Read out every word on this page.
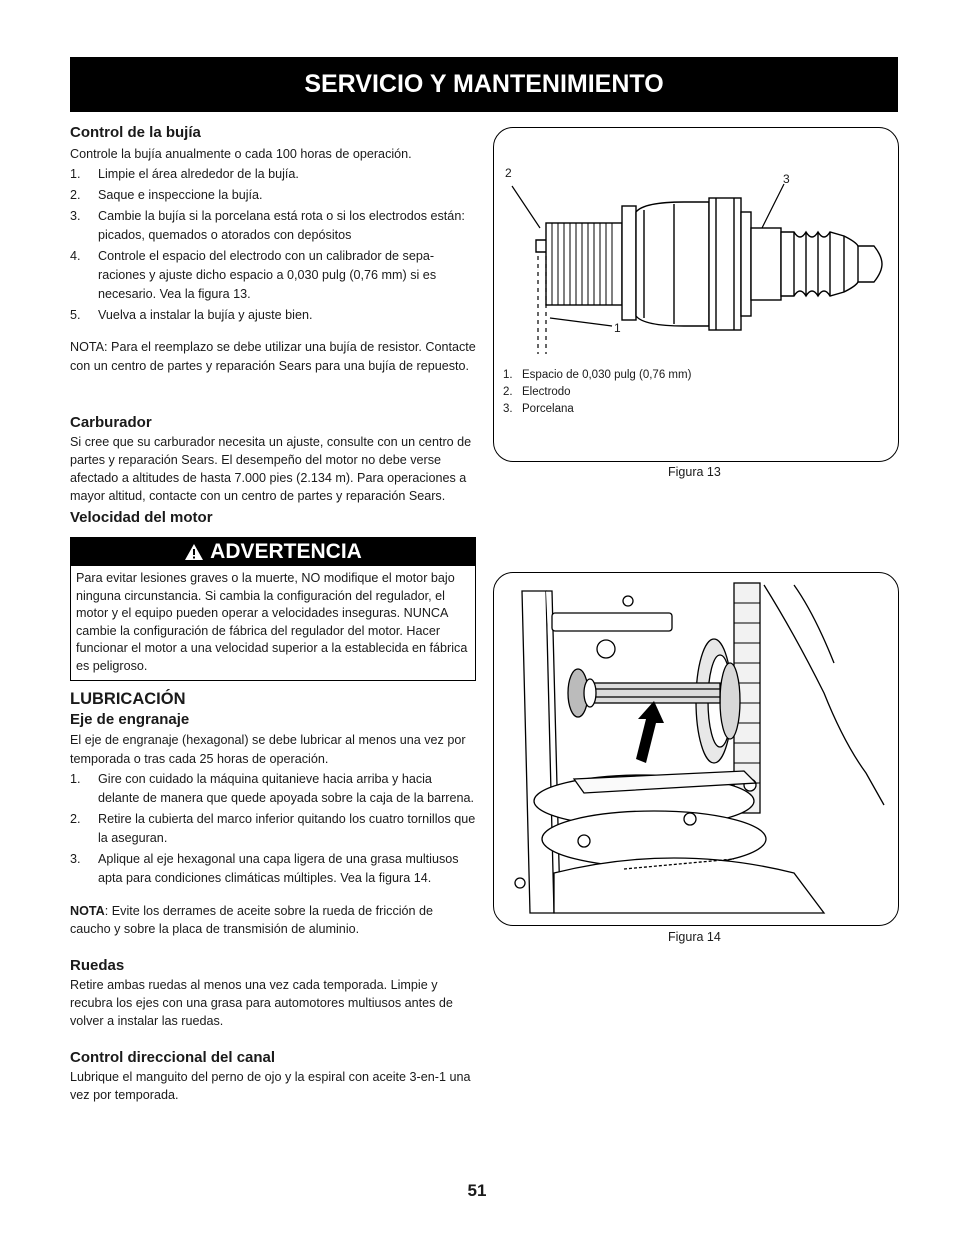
SERVICIO Y MANTENIMIENTO

Control de la bujía

Controle la bujía anualmente o cada 100 horas de operación.

1. Limpie el área alrededor de la bujía.
2. Saque e inspeccione la bujía.
3. Cambie la bujía si la porcelana está rota o si los electrodos están: picados, quemados o atorados con depósitos
4. Controle el espacio del electrodo con un calibrador de sepa- raciones y ajuste dicho espacio a 0,030 pulg (0,76 mm) si es necesario. Vea la figura 13.
5. Vuelva a instalar la bujía y ajuste bien.

NOTA: Para el reemplazo se debe utilizar una bujía de resistor. Contacte con un centro de partes y reparación Sears para una bujía de repuesto.

Carburador

Si cree que su carburador necesita un ajuste, consulte con un centro de partes y reparación Sears. El desempeño del motor no debe verse afectado a altitudes de hasta 7.000 pies (2.134 m). Para operaciones a mayor altitud, contacte con un centro de partes y reparación Sears.

Velocidad del motor

ADVERTENCIA
Para evitar lesiones graves o la muerte, NO modifique el motor bajo ninguna circunstancia. Si cambia la configuración del regulador, el motor y el equipo pueden operar a velocidades inseguras. NUNCA cambie la configuración de fábrica del regulador del motor. Hacer funcionar el motor a una velocidad superior a la establecida en fábrica es peligroso.

LUBRICACIÓN

Eje de engranaje

El eje de engranaje (hexagonal) se debe lubricar al menos una vez por temporada o tras cada 25 horas de operación.

1. Gire con cuidado la máquina quitanieve hacia arriba y hacia delante de manera que quede apoyada sobre la caja de la barrena.
2. Retire la cubierta del marco inferior quitando los cuatro tornillos que la aseguran.
3. Aplique al eje hexagonal una capa ligera de una grasa multiusos apta para condiciones climáticas múltiples. Vea la figura 14.

NOTA: Evite los derrames de aceite sobre la rueda de fricción de caucho y sobre la placa de transmisión de aluminio.

Ruedas

Retire ambas ruedas al menos una vez cada temporada. Limpie y recubra los ejes con una grasa para automotores multiusos antes de volver a instalar las ruedas.

Control direccional del canal

Lubrique el manguito del perno de ojo y la espiral con aceite 3-en-1 una vez por temporada.

2	3
1
1. Espacio de 0,030 pulg (0,76 mm)
2. Electrodo
3. Porcelana
Figura 13
Figura 14
51
